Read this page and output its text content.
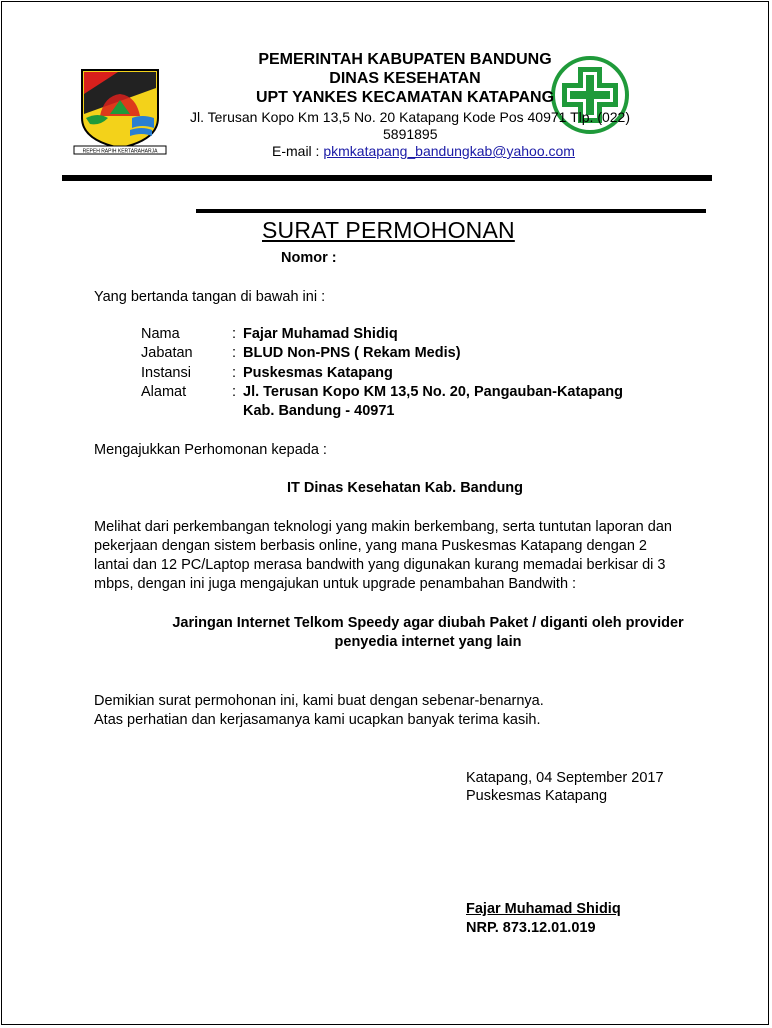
REPEH RAPIH KERTARAHARJA
PEMERINTAH KABUPATEN BANDUNG
DINAS KESEHATAN
UPT YANKES KECAMATAN KATAPANG
Jl. Terusan Kopo Km 13,5 No. 20 Katapang Kode Pos 40971 Tlp. (022)
5891895
E-mail : pkmkatapang_bandungkab@yahoo.com
SURAT PERMOHONAN
Nomor :
Yang bertanda tangan di bawah ini :
Nama	: Fajar Muhamad Shidiq
Jabatan	: BLUD Non-PNS ( Rekam Medis)
Instansi	: Puskesmas Katapang
Alamat	: Jl. Terusan Kopo KM 13,5 No. 20, Pangauban-Katapang
Kab. Bandung - 40971
Mengajukkan Perhomonan kepada :
IT Dinas Kesehatan Kab. Bandung
Melihat dari perkembangan teknologi yang makin berkembang, serta tuntutan laporan dan
pekerjaan dengan sistem berbasis online, yang mana Puskesmas Katapang dengan 2
lantai dan 12 PC/Laptop merasa bandwith yang digunakan kurang memadai berkisar di 3
mbps, dengan ini juga mengajukan untuk upgrade penambahan Bandwith :
Jaringan Internet Telkom Speedy agar diubah Paket / diganti oleh provider
penyedia internet yang lain
Demikian surat permohonan ini, kami buat dengan sebenar-benarnya.
Atas perhatian dan kerjasamanya kami ucapkan banyak terima kasih.
Katapang, 04 September 2017
Puskesmas Katapang
Fajar Muhamad Shidiq
NRP. 873.12.01.019
